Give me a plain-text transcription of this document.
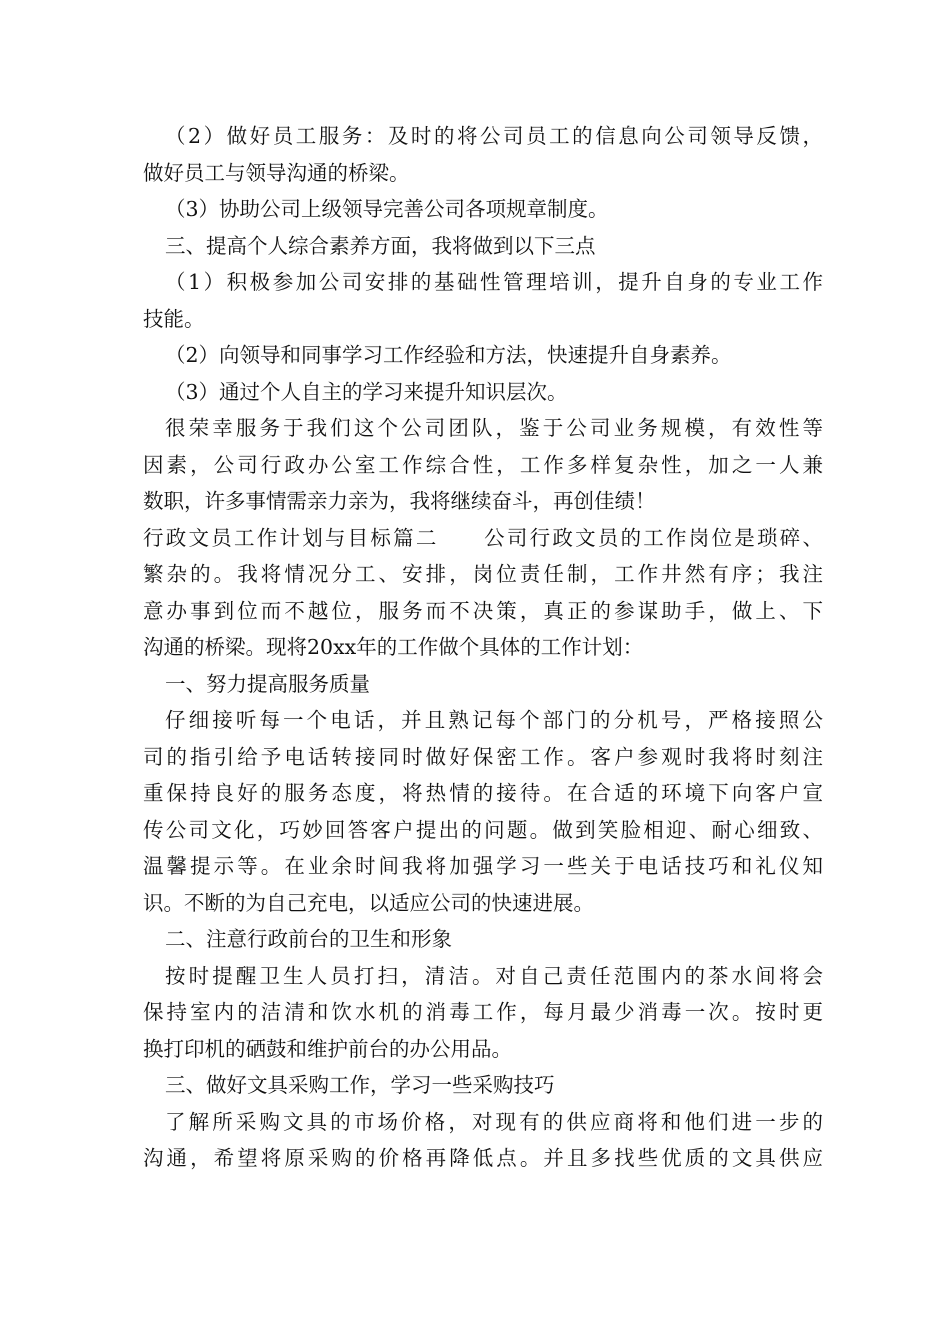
（2）做好员工服务：及时的将公司员工的信息向公司领导反馈，
做好员工与领导沟通的桥梁。
（3）协助公司上级领导完善公司各项规章制度。
三、提高个人综合素养方面，我将做到以下三点
（1）积极参加公司安排的基础性管理培训，提升自身的专业工作
技能。
（2）向领导和同事学习工作经验和方法，快速提升自身素养。
（3）通过个人自主的学习来提升知识层次。
很荣幸服务于我们这个公司团队，鉴于公司业务规模，有效性等
因素，公司行政办公室工作综合性，工作多样复杂性，加之一人兼
数职，许多事情需亲力亲为，我将继续奋斗，再创佳绩！
行政文员工作计划与目标篇二　　公司行政文员的工作岗位是琐碎、
繁杂的。我将情况分工、安排，岗位责任制，工作井然有序；我注
意办事到位而不越位，服务而不决策，真正的参谋助手，做上、下
沟通的桥梁。现将20xx年的工作做个具体的工作计划：
一、努力提高服务质量
仔细接听每一个电话，并且熟记每个部门的分机号，严格接照公
司的指引给予电话转接同时做好保密工作。客户参观时我将时刻注
重保持良好的服务态度，将热情的接待。在合适的环境下向客户宣
传公司文化，巧妙回答客户提出的问题。做到笑脸相迎、耐心细致、
温馨提示等。在业余时间我将加强学习一些关于电话技巧和礼仪知
识。不断的为自己充电，以适应公司的快速进展。
二、注意行政前台的卫生和形象
按时提醒卫生人员打扫，清洁。对自己责任范围内的茶水间将会
保持室内的洁清和饮水机的消毒工作，每月最少消毒一次。按时更
换打印机的硒鼓和维护前台的办公用品。
三、做好文具采购工作，学习一些采购技巧
了解所采购文具的市场价格，对现有的供应商将和他们进一步的
沟通，希望将原采购的价格再降低点。并且多找些优质的文具供应
